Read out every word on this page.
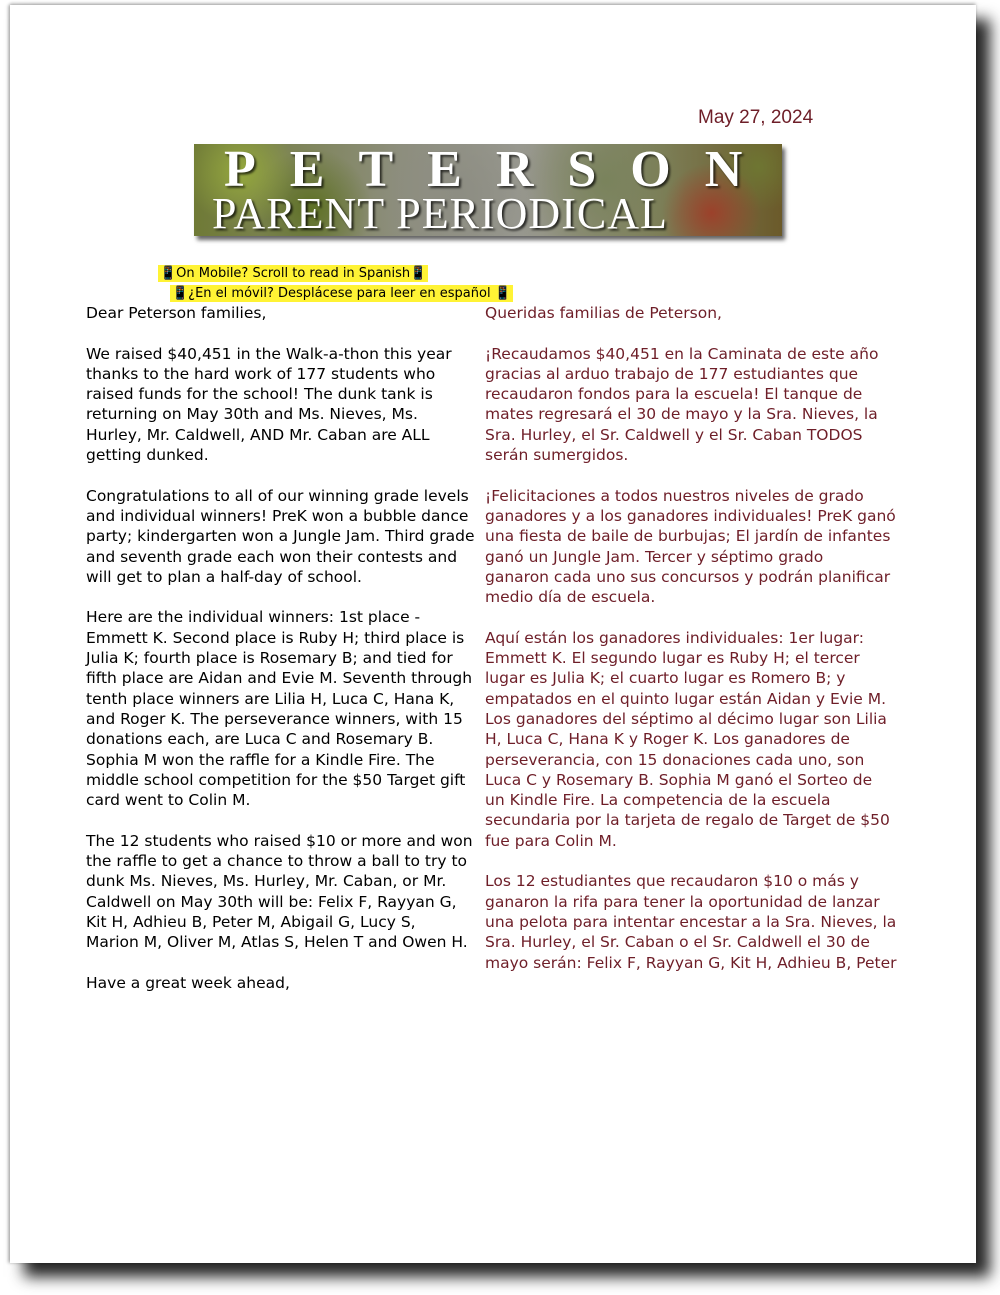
May 27, 2024
PETERSON
PARENT PERIODICAL
📱On Mobile? Scroll to read in Spanish📱
📱¿En el móvil? Desplácese para leer en español 📱

Dear Peterson families,

We raised $40,451 in the Walk-a-thon this year
thanks to the hard work of 177 students who
raised funds for the school! The dunk tank is
returning on May 30th and Ms. Nieves, Ms.
Hurley, Mr. Caldwell, AND Mr. Caban are ALL
getting dunked.

Congratulations to all of our winning grade levels
and individual winners! PreK won a bubble dance
party; kindergarten won a Jungle Jam. Third grade
and seventh grade each won their contests and
will get to plan a half-day of school.

Here are the individual winners: 1st place -
Emmett K. Second place is Ruby H; third place is
Julia K; fourth place is Rosemary B; and tied for
fifth place are Aidan and Evie M. Seventh through
tenth place winners are Lilia H, Luca C, Hana K,
and Roger K. The perseverance winners, with 15
donations each, are Luca C and Rosemary B.
Sophia M won the raffle for a Kindle Fire. The
middle school competition for the $50 Target gift
card went to Colin M.

The 12 students who raised $10 or more and won
the raffle to get a chance to throw a ball to try to
dunk Ms. Nieves, Ms. Hurley, Mr. Caban, or Mr.
Caldwell on May 30th will be: Felix F, Rayyan G,
Kit H, Adhieu B, Peter M, Abigail G, Lucy S,
Marion M, Oliver M, Atlas S, Helen T and Owen H.

Have a great week ahead,

Queridas familias de Peterson,

¡Recaudamos $40,451 en la Caminata de este año
gracias al arduo trabajo de 177 estudiantes que
recaudaron fondos para la escuela! El tanque de
mates regresará el 30 de mayo y la Sra. Nieves, la
Sra. Hurley, el Sr. Caldwell y el Sr. Caban TODOS
serán sumergidos.

¡Felicitaciones a todos nuestros niveles de grado
ganadores y a los ganadores individuales! PreK ganó
una fiesta de baile de burbujas; El jardín de infantes
ganó un Jungle Jam. Tercer y séptimo grado
ganaron cada uno sus concursos y podrán planificar
medio día de escuela.

Aquí están los ganadores individuales: 1er lugar:
Emmett K. El segundo lugar es Ruby H; el tercer
lugar es Julia K; el cuarto lugar es Romero B; y
empatados en el quinto lugar están Aidan y Evie M.
Los ganadores del séptimo al décimo lugar son Lilia
H, Luca C, Hana K y Roger K. Los ganadores de
perseverancia, con 15 donaciones cada uno, son
Luca C y Rosemary B. Sophia M ganó el Sorteo de
un Kindle Fire. La competencia de la escuela
secundaria por la tarjeta de regalo de Target de $50
fue para Colin M.

Los 12 estudiantes que recaudaron $10 o más y
ganaron la rifa para tener la oportunidad de lanzar
una pelota para intentar encestar a la Sra. Nieves, la
Sra. Hurley, el Sr. Caban o el Sr. Caldwell el 30 de
mayo serán: Felix F, Rayyan G, Kit H, Adhieu B, Peter
